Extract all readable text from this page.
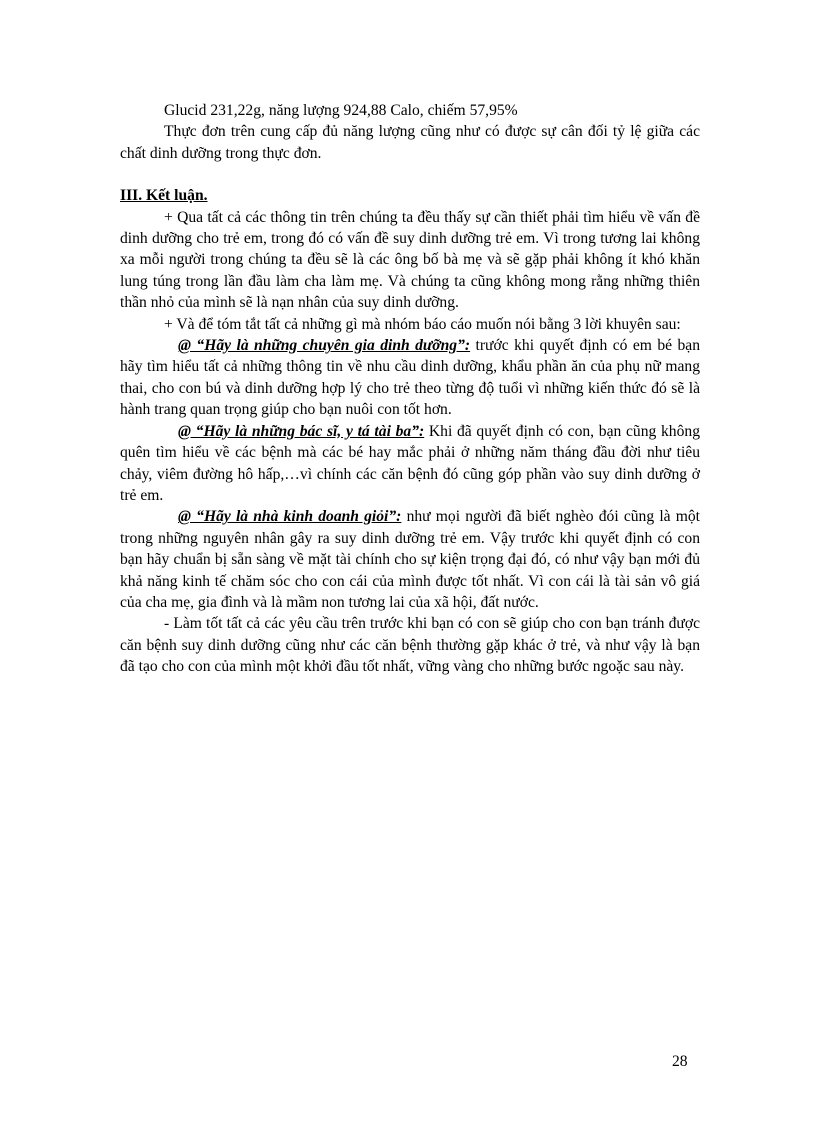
Glucid 231,22g, năng lượng 924,88 Calo, chiếm 57,95%

Thực đơn trên cung cấp đủ năng lượng cũng như có được sự cân đối tỷ lệ giữa các chất dinh dưỡng trong thực đơn.

III. Kết luận.

+ Qua tất cả các thông tin trên chúng ta đều thấy sự cần thiết phải tìm hiểu về vấn đề dinh dưỡng cho trẻ em, trong đó có vấn đề suy dinh dưỡng trẻ em. Vì trong tương lai không xa mỗi người trong chúng ta đều sẽ là các ông bố bà mẹ và sẽ gặp phải không ít khó khăn lung túng trong lần đầu làm cha làm mẹ. Và chúng ta cũng không mong rằng những thiên thần nhỏ của mình sẽ là nạn nhân của suy dinh dưỡng.

+ Và để tóm tắt tất cả những gì mà nhóm báo cáo muốn nói bằng 3 lời khuyên sau:

@ “Hãy là những chuyên gia dinh dưỡng”: trước khi quyết định có em bé bạn hãy tìm hiểu tất cả những thông tin về nhu cầu dinh dưỡng, khẩu phần ăn của phụ nữ mang thai, cho con bú và dinh dưỡng hợp lý cho trẻ theo từng độ tuổi vì những kiến thức đó sẽ là hành trang quan trọng giúp cho bạn nuôi con tốt hơn.

@ “Hãy là những bác sĩ, y tá tài ba”: Khi đã quyết định có con, bạn cũng không quên tìm hiểu về các bệnh mà các bé hay mắc phải ở những năm tháng đầu đời như tiêu chảy, viêm đường hô hấp,…vì chính các căn bệnh đó cũng góp phần vào suy dinh dưỡng ở trẻ em.

@ “Hãy là nhà kinh doanh giỏi”: như mọi người đã biết nghèo đói cũng là một trong những nguyên nhân gây ra suy dinh dưỡng trẻ em. Vậy trước khi quyết định có con bạn hãy chuẩn bị sẵn sàng về mặt tài chính cho sự kiện trọng đại đó, có như vậy bạn mới đủ khả năng kinh tế chăm sóc cho con cái của mình được tốt nhất. Vì con cái là tài sản vô giá của cha mẹ, gia đình và là mầm non tương lai của xã hội, đất nước.

- Làm tốt tất cả các yêu cầu trên trước khi bạn có con sẽ giúp cho con bạn tránh được căn bệnh suy dinh dưỡng cũng như các căn bệnh thường gặp khác ở trẻ, và như vậy là bạn đã tạo cho con của mình một khởi đầu tốt nhất, vững vàng cho những bước ngoặc sau này.

28
